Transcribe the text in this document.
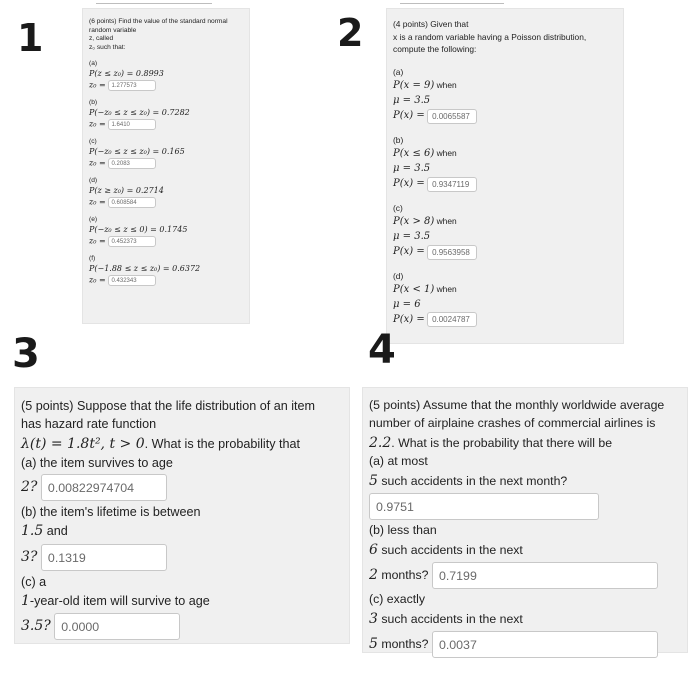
1	(6 points) Find the value of the standard normal random variable
z, called
z₀ such that:
(a)
P(z ≤ z₀) = 0.8993
z₀ = 1.277573
(b)
P(−z₀ ≤ z ≤ z₀) = 0.7282
z₀ = 1.6410
(c)
P(−z₀ ≤ z ≤ z₀) = 0.165
z₀ = 0.2083
(d)
P(z ≥ z₀) = 0.2714
z₀ = 0.608584
(e)
P(−z₀ ≤ z ≤ 0) = 0.1745
z₀ = 0.452373
(f)
P(−1.88 ≤ z ≤ z₀) = 0.6372
z₀ = 0.432343
2	(4 points) Given that
x is a random variable having a Poisson distribution,
compute the following:
(a)
P(x = 9) when
μ = 3.5
P(x) = 0.0065587
(b)
P(x ≤ 6) when
μ = 3.5
P(x) = 0.9347119
(c)
P(x > 8) when
μ = 3.5
P(x) = 0.9563958
(d)
P(x < 1) when
μ = 6
P(x) = 0.0024787
3
(5 points) Suppose that the life distribution of an item
has hazard rate function
λ(t) = 1.8t², t > 0. What is the probability that
(a) the item survives to age
2? 0.00822974704
(b) the item's lifetime is between
1.5 and
3? 0.1319
(c) a
1-year-old item will survive to age
3.5? 0.0000
4
(5 points) Assume that the monthly worldwide average
number of airplaine crashes of commercial airlines is
2.2. What is the probability that there will be
(a) at most
5 such accidents in the next month?
0.9751
(b) less than
6 such accidents in the next
2 months? 0.7199
(c) exactly
3 such accidents in the next
5 months? 0.0037
